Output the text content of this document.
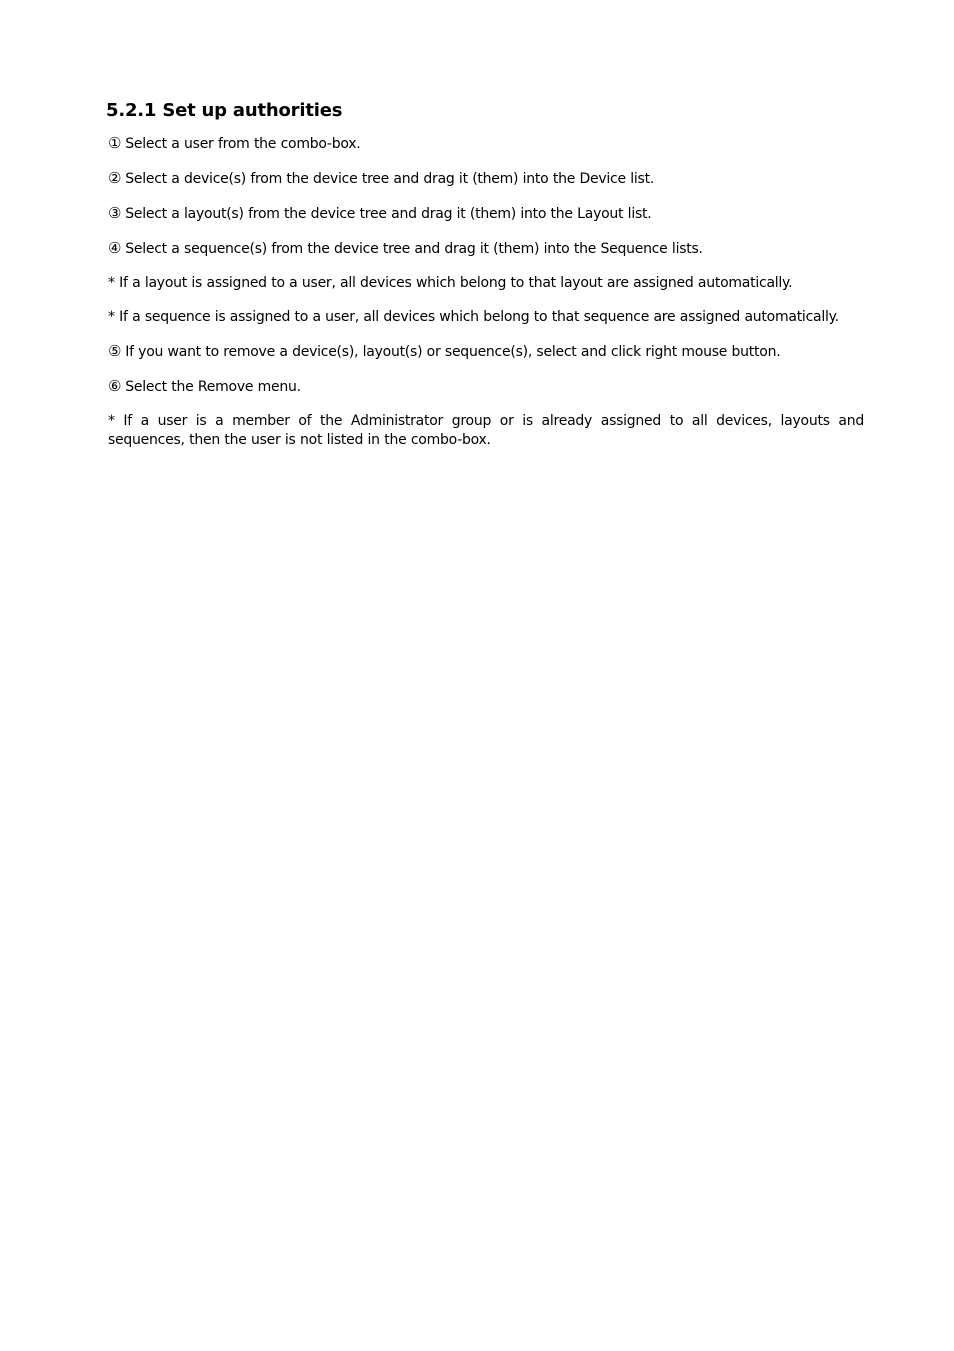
5.2.1 Set up authorities

① Select a user from the combo-box.

② Select a device(s) from the device tree and drag it (them) into the Device list.

③ Select a layout(s) from the device tree and drag it (them) into the Layout list.

④ Select a sequence(s) from the device tree and drag it (them) into the Sequence lists.

* If a layout is assigned to a user, all devices which belong to that layout are assigned automatically.

* If a sequence is assigned to a user, all devices which belong to that sequence are assigned automatically.

⑤ If you want to remove a device(s), layout(s) or sequence(s), select and click right mouse button.

⑥ Select the Remove menu.

* If a user is a member of the Administrator group or is already assigned to all devices, layouts and sequences, then the user is not listed in the combo-box.
